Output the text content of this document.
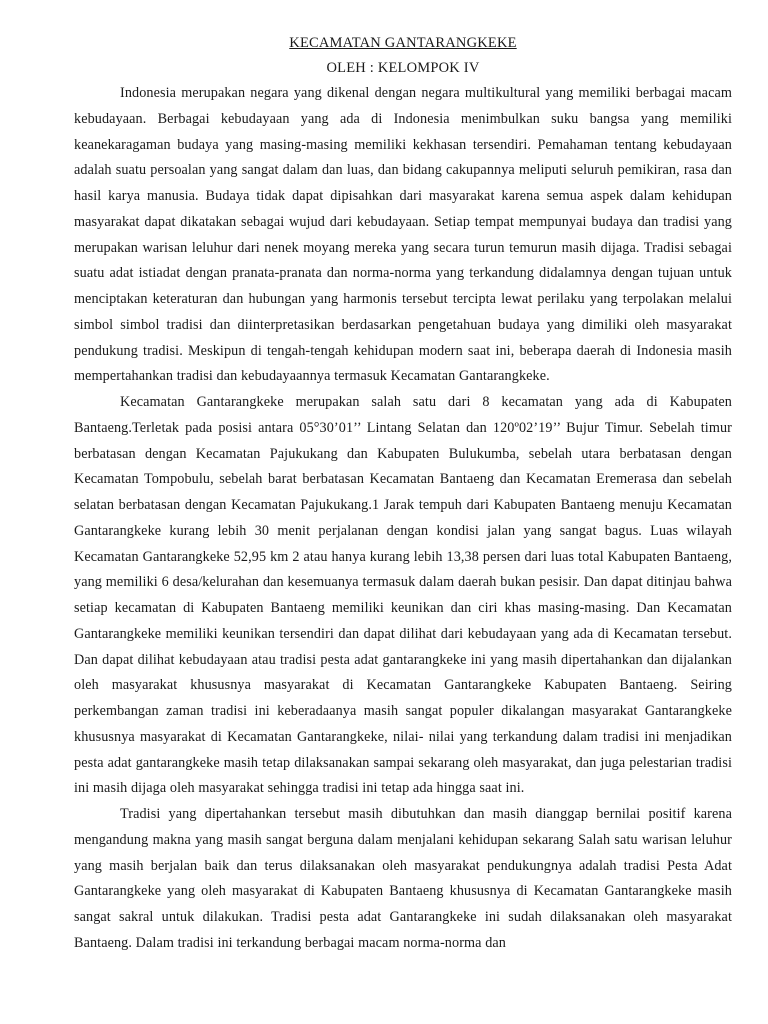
KECAMATAN GANTARANGKEKE
OLEH : KELOMPOK IV

Indonesia merupakan negara yang dikenal dengan negara multikultural yang memiliki berbagai macam kebudayaan. Berbagai kebudayaan yang ada di Indonesia menimbulkan suku bangsa yang memiliki keanekaragaman budaya yang masing-masing memiliki kekhasan tersendiri. Pemahaman tentang kebudayaan adalah suatu persoalan yang sangat dalam dan luas, dan bidang cakupannya meliputi seluruh pemikiran, rasa dan hasil karya manusia. Budaya tidak dapat dipisahkan dari masyarakat karena semua aspek dalam kehidupan masyarakat dapat dikatakan sebagai wujud dari kebudayaan. Setiap tempat mempunyai budaya dan tradisi yang merupakan warisan leluhur dari nenek moyang mereka yang secara turun temurun masih dijaga. Tradisi sebagai suatu adat istiadat dengan pranata-pranata dan norma-norma yang terkandung didalamnya dengan tujuan untuk menciptakan keteraturan dan hubungan yang harmonis tersebut tercipta lewat perilaku yang terpolakan melalui simbol simbol tradisi dan diinterpretasikan berdasarkan pengetahuan budaya yang dimiliki oleh masyarakat pendukung tradisi. Meskipun di tengah-tengah kehidupan modern saat ini, beberapa daerah di Indonesia masih mempertahankan tradisi dan kebudayaannya termasuk Kecamatan Gantarangkeke.

Kecamatan Gantarangkeke merupakan salah satu dari 8 kecamatan yang ada di Kabupaten Bantaeng.Terletak pada posisi antara 05°30’01’’ Lintang Selatan dan 120º02’19’’ Bujur Timur. Sebelah timur berbatasan dengan Kecamatan Pajukukang dan Kabupaten Bulukumba, sebelah utara berbatasan dengan Kecamatan Tompobulu, sebelah barat berbatasan Kecamatan Bantaeng dan Kecamatan Eremerasa dan sebelah selatan berbatasan dengan Kecamatan Pajukukang.1 Jarak tempuh dari Kabupaten Bantaeng menuju Kecamatan Gantarangkeke kurang lebih 30 menit perjalanan dengan kondisi jalan yang sangat bagus. Luas wilayah Kecamatan Gantarangkeke 52,95 km 2 atau hanya kurang lebih 13,38 persen dari luas total Kabupaten Bantaeng, yang memiliki 6 desa/kelurahan dan kesemuanya termasuk dalam daerah bukan pesisir. Dan dapat ditinjau bahwa setiap kecamatan di Kabupaten Bantaeng memiliki keunikan dan ciri khas masing-masing. Dan Kecamatan Gantarangkeke memiliki keunikan tersendiri dan dapat dilihat dari kebudayaan yang ada di Kecamatan tersebut. Dan dapat dilihat kebudayaan atau tradisi pesta adat gantarangkeke ini yang masih dipertahankan dan dijalankan oleh masyarakat khususnya masyarakat di Kecamatan Gantarangkeke Kabupaten Bantaeng. Seiring perkembangan zaman tradisi ini keberadaanya masih sangat populer dikalangan masyarakat Gantarangkeke khususnya masyarakat di Kecamatan Gantarangkeke, nilai- nilai yang terkandung dalam tradisi ini menjadikan pesta adat gantarangkeke masih tetap dilaksanakan sampai sekarang oleh masyarakat, dan juga pelestarian tradisi ini masih dijaga oleh masyarakat sehingga tradisi ini tetap ada hingga saat ini.

Tradisi yang dipertahankan tersebut masih dibutuhkan dan masih dianggap bernilai positif karena mengandung makna yang masih sangat berguna dalam menjalani kehidupan sekarang Salah satu warisan leluhur yang masih berjalan baik dan terus dilaksanakan oleh masyarakat pendukungnya adalah tradisi Pesta Adat Gantarangkeke yang oleh masyarakat di Kabupaten Bantaeng khususnya di Kecamatan Gantarangkeke masih sangat sakral untuk dilakukan. Tradisi pesta adat Gantarangkeke ini sudah dilaksanakan oleh masyarakat Bantaeng. Dalam tradisi ini terkandung berbagai macam norma-norma dan
